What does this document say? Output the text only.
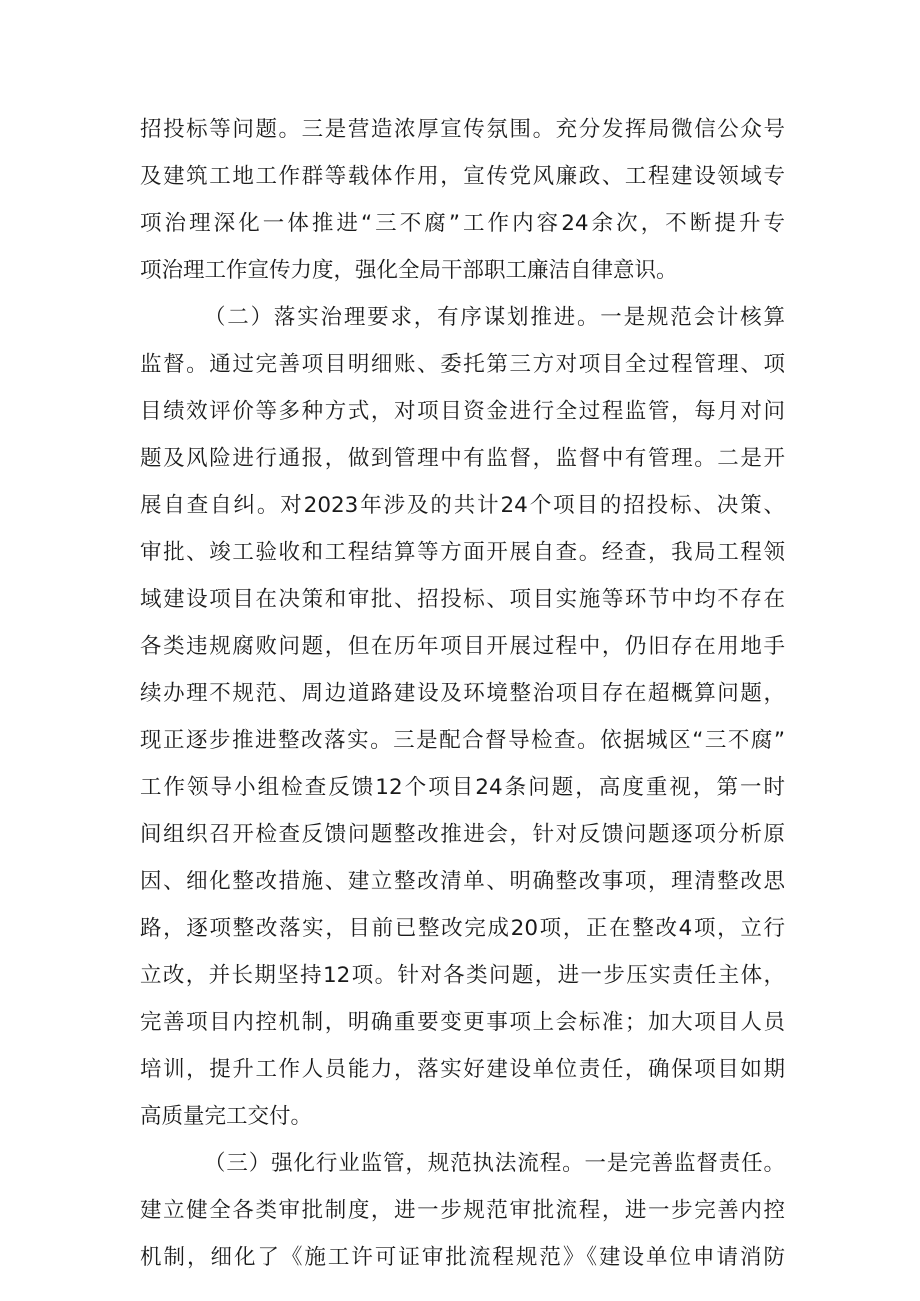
招投标等问题。三是营造浓厚宣传氛围。充分发挥局微信公众号
及建筑工地工作群等载体作用，宣传党风廉政、工程建设领域专
项治理深化一体推进“三不腐”工作内容24余次，不断提升专
项治理工作宣传力度，强化全局干部职工廉洁自律意识。
（二）落实治理要求，有序谋划推进。一是规范会计核算
监督。通过完善项目明细账、委托第三方对项目全过程管理、项
目绩效评价等多种方式，对项目资金进行全过程监管，每月对问
题及风险进行通报，做到管理中有监督，监督中有管理。二是开
展自查自纠。对2023年涉及的共计24个项目的招投标、决策、
审批、竣工验收和工程结算等方面开展自查。经查，我局工程领
域建设项目在决策和审批、招投标、项目实施等环节中均不存在
各类违规腐败问题，但在历年项目开展过程中，仍旧存在用地手
续办理不规范、周边道路建设及环境整治项目存在超概算问题，
现正逐步推进整改落实。三是配合督导检查。依据城区“三不腐”
工作领导小组检查反馈12个项目24条问题，高度重视，第一时
间组织召开检查反馈问题整改推进会，针对反馈问题逐项分析原
因、细化整改措施、建立整改清单、明确整改事项，理清整改思
路，逐项整改落实，目前已整改完成20项，正在整改4项，立行
立改，并长期坚持12项。针对各类问题，进一步压实责任主体，
完善项目内控机制，明确重要变更事项上会标准；加大项目人员
培训，提升工作人员能力，落实好建设单位责任，确保项目如期
高质量完工交付。
（三）强化行业监管，规范执法流程。一是完善监督责任。
建立健全各类审批制度，进一步规范审批流程，进一步完善内控
机制，细化了《施工许可证审批流程规范》《建设单位申请消防
